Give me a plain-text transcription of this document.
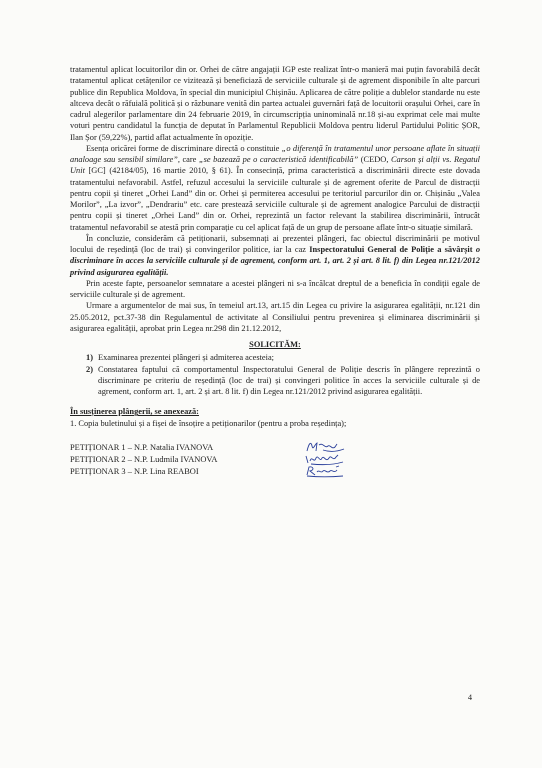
tratamentul aplicat locuitorilor din or. Orhei de către angajații IGP este realizat într-o manieră mai puțin favorabilă decât tratamentul aplicat cetățenilor ce vizitează și beneficiază de serviciile culturale și de agrement disponibile în alte parcuri publice din Republica Moldova, în special din municipiul Chișinău. Aplicarea de către poliție a dublelor standarde nu este altceva decât o răfuială politică și o răzbunare venită din partea actualei guvernări față de locuitorii orașului Orhei, care în cadrul alegerilor parlamentare din 24 februarie 2019, în circumscripția uninominală nr.18 și-au exprimat cele mai multe voturi pentru candidatul la funcția de deputat în Parlamentul Republicii Moldova pentru liderul Partidului Politic ȘOR, Ilan Șor (59,22%), partid aflat actualmente în opoziție.

Esența oricărei forme de discriminare directă o constituie „o diferență în tratamentul unor persoane aflate în situații analoage sau sensibil similare”, care „se bazează pe o caracteristică identificabilă” (CEDO, Carson și alții vs. Regatul Unit [GC] (42184/05), 16 martie 2010, § 61). În consecință, prima caracteristică a discriminării directe este dovada tratamentului nefavorabil. Astfel, refuzul accesului la serviciile culturale și de agrement oferite de Parcul de distracții pentru copii și tineret „Orhei Land” din or. Orhei și permiterea accesului pe teritoriul parcurilor din or. Chișinău „Valea Morilor”, „La izvor”, „Dendrariu” etc. care prestează serviciile culturale și de agrement analogice Parcului de distracții pentru copii și tineret „Orhei Land” din or. Orhei, reprezintă un factor relevant la stabilirea discriminării, întrucât tratamentul nefavorabil se atestă prin comparație cu cel aplicat față de un grup de persoane aflate într-o situație similară.

În concluzie, considerăm că petiționarii, subsemnați ai prezentei plângeri, fac obiectul discriminării pe motivul locului de reședință (loc de trai) și convingerilor politice, iar la caz Inspectoratului General de Poliție a săvârșit o discriminare în acces la serviciile culturale și de agrement, conform art. 1, art. 2 și art. 8 lit. f) din Legea nr.121/2012 privind asigurarea egalității.

Prin aceste fapte, persoanelor semnatare a acestei plângeri ni s-a încălcat dreptul de a beneficia în condiții egale de serviciile culturale și de agrement.

Urmare a argumentelor de mai sus, în temeiul art.13, art.15 din Legea cu privire la asigurarea egalității, nr.121 din 25.05.2012, pct.37-38 din Regulamentul de activitate al Consiliului pentru prevenirea și eliminarea discriminării și asigurarea egalității, aprobat prin Legea nr.298 din 21.12.2012,

SOLICITĂM:
1) Examinarea prezentei plângeri și admiterea acesteia;
2) Constatarea faptului că comportamentul Inspectoratului General de Poliție descris în plângere reprezintă o discriminare pe criteriu de reședință (loc de trai) și convingeri politice în acces la serviciile culturale și de agrement, conform art. 1, art. 2 și art. 8 lit. f) din Legea nr.121/2012 privind asigurarea egalității.
În susținerea plângerii, se anexează:
1. Copia buletinului și a fișei de însoțire a petiționarilor (pentru a proba reședința);
PETIȚIONAR 1 – N.P. Natalia IVANOVA
PETIȚIONAR 2 – N.P. Ludmila IVANOVA
PETIȚIONAR 3 – N.P. Lina REABOI
4
